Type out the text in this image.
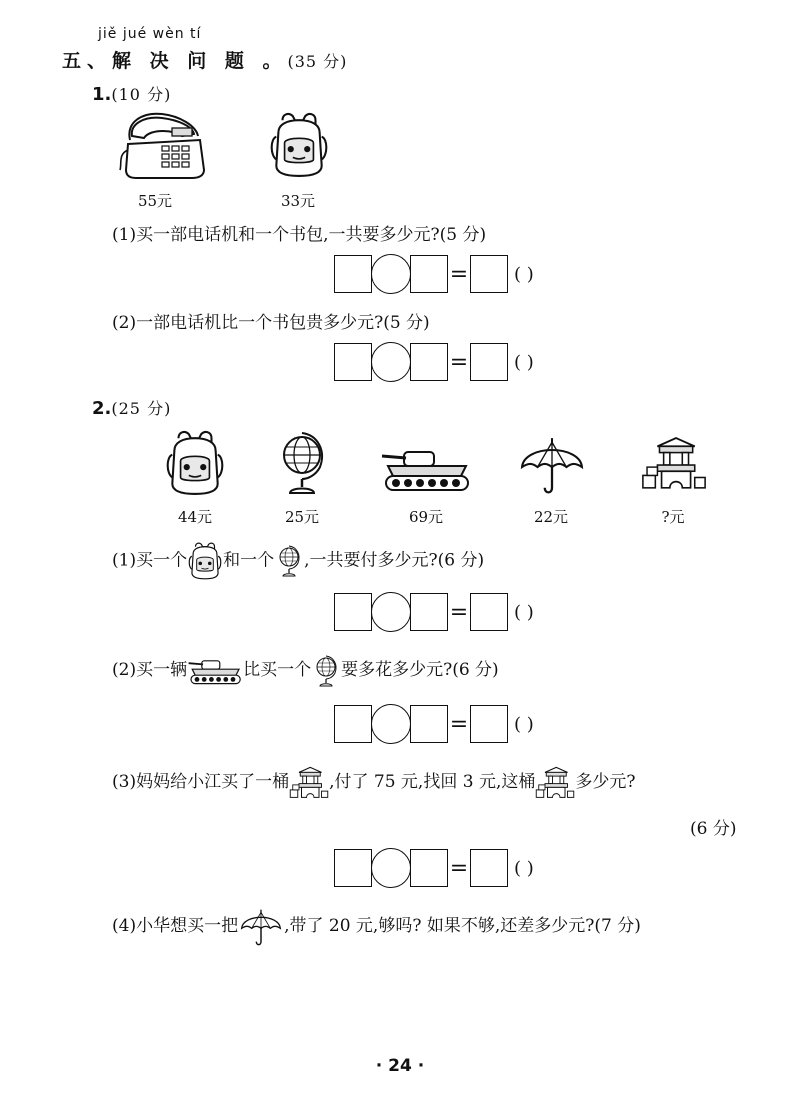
jiě jué wèn tí
五、解 决 问 题 。(35 分)
1.(10 分)
55元	33元
(1)买一部电话机和一个书包,一共要多少元?(5 分)
=	( )
(2)一部电话机比一个书包贵多少元?(5 分)
=	( )
2.(25 分)
44元	25元	69元	22元	?元
(1)买一个 和一个 ,一共要付多少元?(6 分)
=	( )
(2)买一辆	比买一个 要多花多少元?(6 分)
=	( )
(3)妈妈给小江买了一桶 ,付了 75 元,找回 3 元,这桶 多少元?
(6 分)
=	( )
(4)小华想买一把	,带了 20 元,够吗? 如果不够,还差多少元?(7 分)
· 24 ·
